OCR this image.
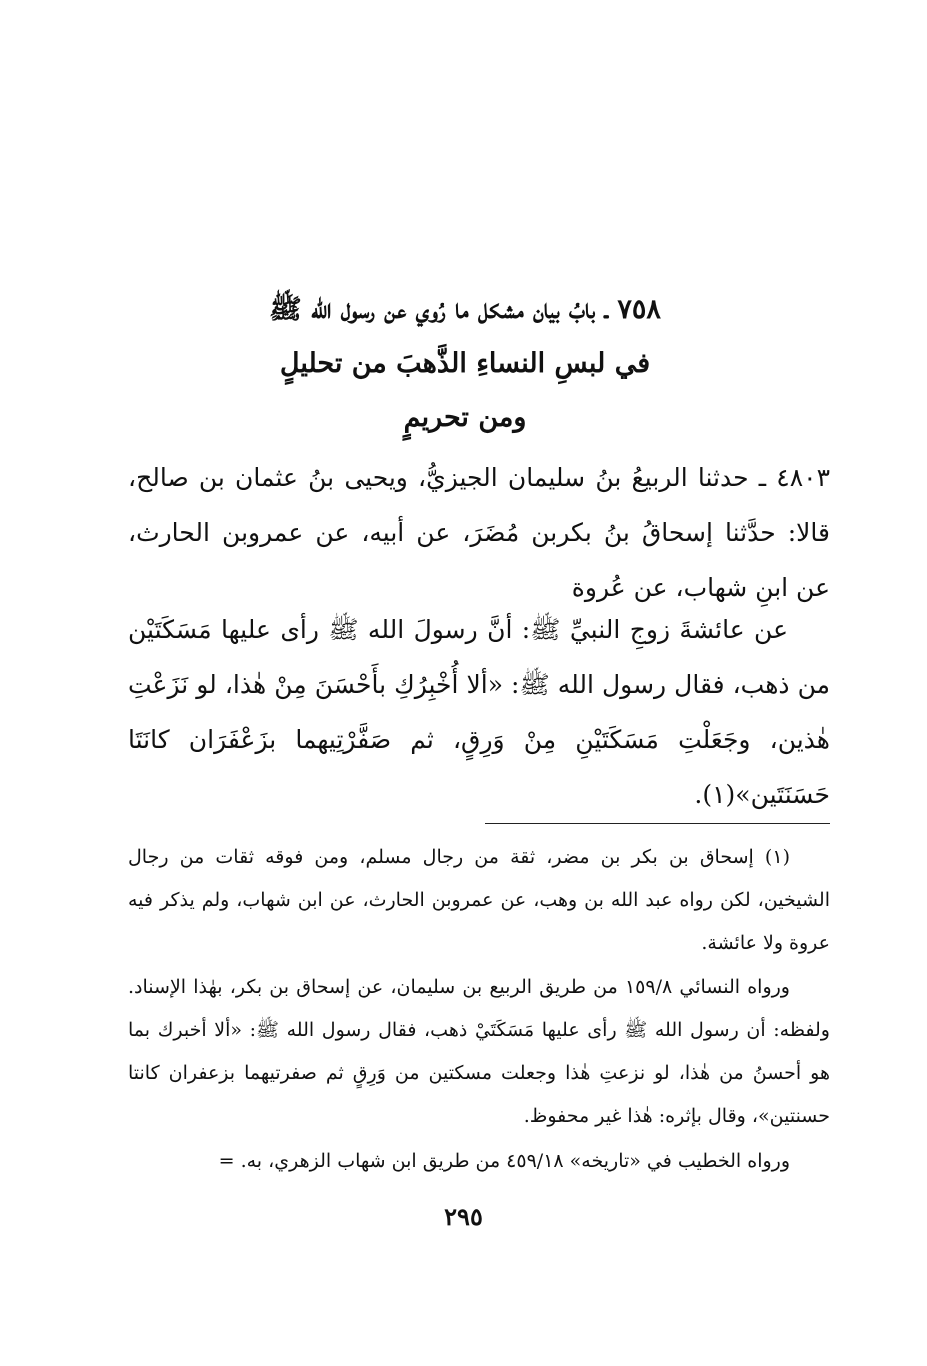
٧٥٨ ـ بابُ بيان مشكل ما رُوي عن رسول الله ﷺ
في لبسِ النساءِ الذَّهبَ من تحليلٍ
ومن تحريمٍ

٤٨٠٣ ـ حدثنا الربيعُ بنُ سليمان الجيزيُّ، ويحيى بنُ عثمان بن صالح، قالا: حدَّثنا إسحاقُ بنُ بكربن مُضَرَ، عن أبيه، عن عمروبن الحارث، عن ابنِ شهاب، عن عُروة

عن عائشةَ زوجِ النبيِّ ﷺ: أنَّ رسولَ الله ﷺ رأى عليها مَسَكَتَيْن من ذهب، فقال رسول الله ﷺ: «ألا أُخْبِرُكِ بأَحْسَنَ مِنْ هٰذا، لو نَزَعْتِ هٰذين، وجَعَلْتِ مَسَكَتَيْنِ مِنْ وَرِقٍ، ثم صَفَّرْتِيهما بزَعْفَرَان كانَتَا حَسَنَتَين»(١).

(١) إسحاق بن بكر بن مضر، ثقة من رجال مسلم، ومن فوقه ثقات من رجال الشيخين، لكن رواه عبد الله بن وهب، عن عمروبن الحارث، عن ابن شهاب، ولم يذكر فيه عروة ولا عائشة.

ورواه النسائي ١٥٩/٨ من طريق الربيع بن سليمان، عن إسحاق بن بكر، بهٰذا الإسناد. ولفظه: أن رسول الله ﷺ رأى عليها مَسَكَتَيْ ذهب، فقال رسول الله ﷺ: «ألا أخبرك بما هو أحسنُ من هٰذا، لو نزعتِ هٰذا وجعلت مسكتين من وَرِقٍ ثم صفرتيهما بزعفران كانتا حسنتين»، وقال بإثره: هٰذا غير محفوظ.

ورواه الخطيب في «تاريخه» ٤٥٩/١٨ من طريق ابن شهاب الزهري، به. =

٢٩٥
